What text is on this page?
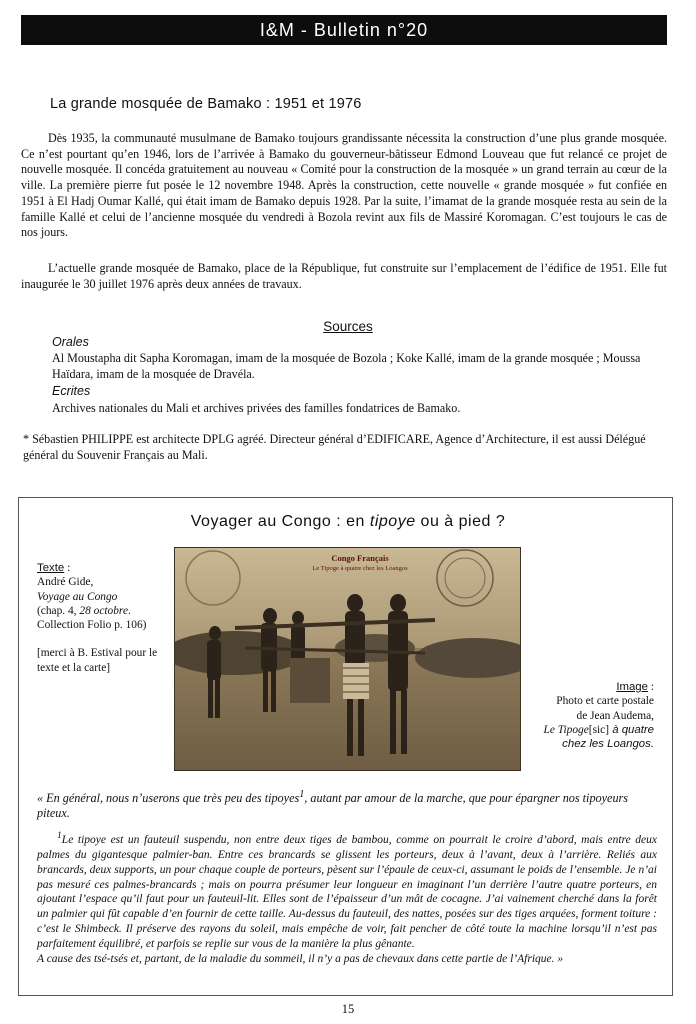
I&M - Bulletin n°20
La grande mosquée de Bamako : 1951 et 1976

Dès 1935, la communauté musulmane de Bamako toujours grandissante nécessita la construction d’une plus grande mosquée. Ce n’est pourtant qu’en 1946, lors de l’arrivée à Bamako du gouverneur-bâtisseur Edmond Louveau que fut relancé ce projet de nouvelle mosquée. Il concéda gratuitement au nouveau « Comité pour la construction de la mosquée » un grand terrain au cœur de la ville. La première pierre fut posée le 12 novembre 1948. Après la construction, cette nouvelle « grande mosquée » fut confiée en 1951 à El Hadj Oumar Kallé, qui était imam de Bamako depuis 1928. Par la suite, l’imamat de la grande mosquée resta au sein de la famille Kallé et celui de l’ancienne mosquée du vendredi à Bozola revint aux fils de Massiré Koromagan. C’est toujours le cas de nos jours.

L’actuelle grande mosquée de Bamako, place de la République, fut construite sur l’emplacement de l’édifice de 1951. Elle fut inaugurée le 30 juillet 1976 après deux années de travaux.

Sources
Orales

Al Moustapha dit Sapha Koromagan, imam de la mosquée de Bozola ; Koke Kallé, imam de la grande mosquée ; Moussa Haïdara, imam de la mosquée de Dravéla.

Ecrites

Archives nationales du Mali et archives privées des familles fondatrices de Bamako.

* Sébastien PHILIPPE est architecte DPLG agréé. Directeur général d’EDIFICARE, Agence d’Architecture, il est aussi Délégué général du Souvenir Français au Mali.

Voyager au Congo : en tipoye ou à pied ?
Texte :
André Gide,
Voyage au Congo
(chap. 4, 28 octobre.
Collection Folio p. 106)
[merci à B. Estival pour le texte et la carte]
Congo Français
Le Tipoge à quatre chez les Loangos
Image :
Photo et carte postale
de Jean Audema,
Le Tipoge[sic] à quatre chez les Loangos.

« En général, nous n’userons que très peu des tipoyes$^1$, autant par amour de la marche, que pour épargner nos tipoyeurs piteux.

$^1$Le tipoye est un fauteuil suspendu, non entre deux tiges de bambou, comme on pourrait le croire d’abord, mais entre deux palmes du gigantesque palmier-ban. Entre ces brancards se glissent les porteurs, deux à l’avant, deux à l’arrière. Reliés aux brancards, deux supports, un pour chaque couple de porteurs, pèsent sur l’épaule de ceux-ci, assumant le poids de l’ensemble. Je n’ai pas mesuré ces palmes-brancards ; mais on pourra présumer leur longueur en imaginant l’un derrière l’autre quatre porteurs, en ajoutant l’espace qu’il faut pour un fauteuil-lit. Elles sont de l’épaisseur d’un mât de cocagne. J’ai vainement cherché dans la forêt un palmier qui fût capable d’en fournir de cette taille. Au-dessus du fauteuil, des nattes, posées sur des tiges arquées, forment toiture : c’est le Shimbeck. Il préserve des rayons du soleil, mais empêche de voir, fait pencher de côté toute la machine lorsqu’il n’est pas parfaitement équilibré, et parfois se replie sur vous de la manière la plus gênante.
A cause des tsé-tsés et, partant, de la maladie du sommeil, il n’y a pas de chevaux dans cette partie de l’Afrique. »

15
